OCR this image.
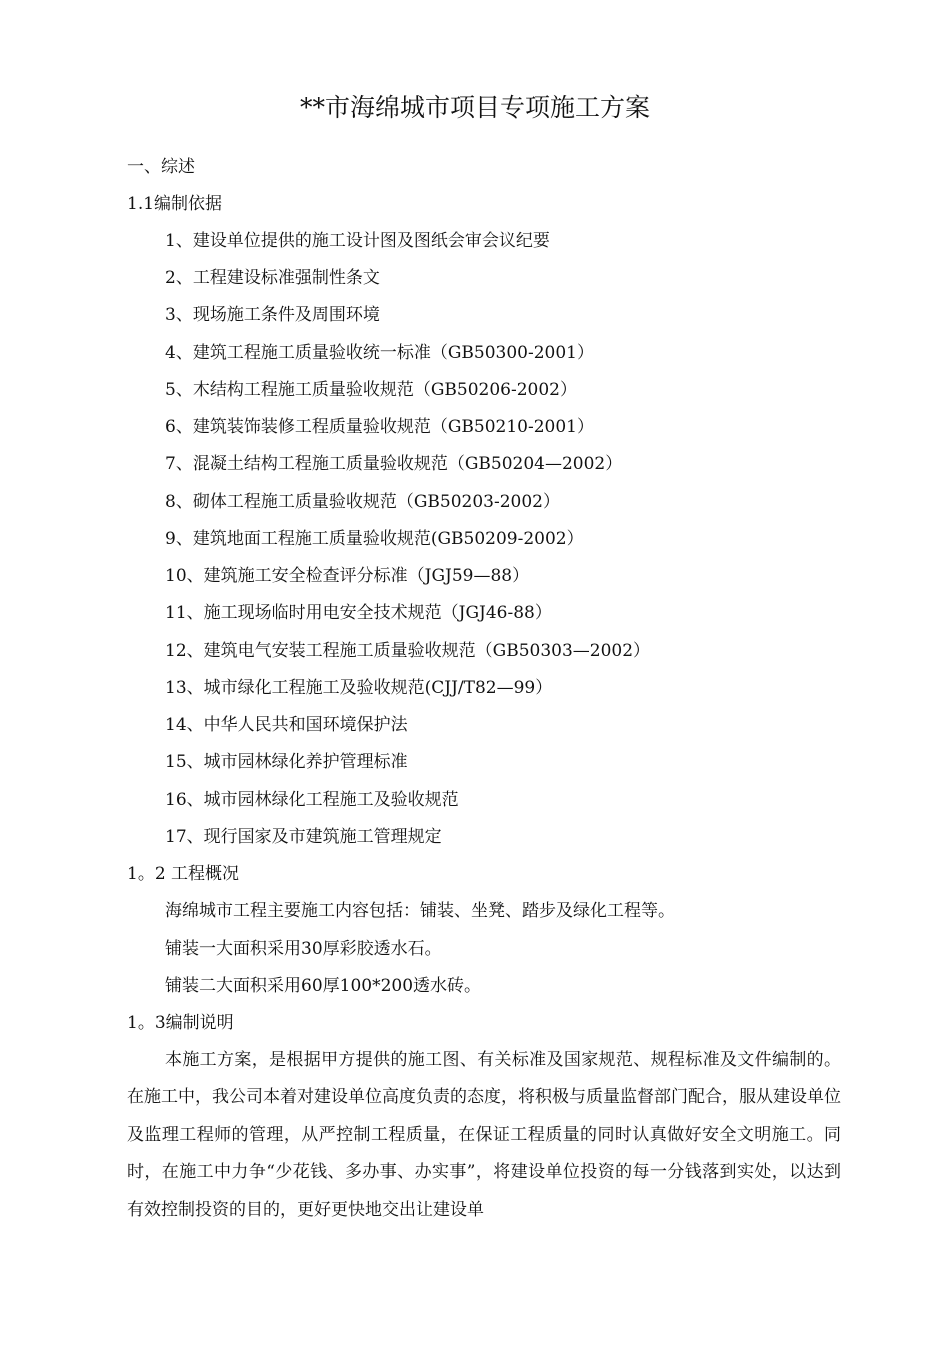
**市海绵城市项目专项施工方案

一、综述

1.1编制依据

1、建设单位提供的施工设计图及图纸会审会议纪要

2、工程建设标准强制性条文

3、现场施工条件及周围环境

4、建筑工程施工质量验收统一标准（GB50300-2001）

5、木结构工程施工质量验收规范（GB50206-2002）

6、建筑装饰装修工程质量验收规范（GB50210-2001）

7、混凝土结构工程施工质量验收规范（GB50204—2002）

8、砌体工程施工质量验收规范（GB50203-2002）

9、建筑地面工程施工质量验收规范(GB50209-2002）

10、建筑施工安全检查评分标准（JGJ59—88）

11、施工现场临时用电安全技术规范（JGJ46-88）

12、建筑电气安装工程施工质量验收规范（GB50303—2002）

13、城市绿化工程施工及验收规范(CJJ/T82—99）

14、中华人民共和国环境保护法

15、城市园林绿化养护管理标准

16、城市园林绿化工程施工及验收规范

17、现行国家及市建筑施工管理规定

1。2 工程概况

海绵城市工程主要施工内容包括：铺装、坐凳、踏步及绿化工程等。

铺装一大面积采用30厚彩胶透水石。

铺装二大面积采用60厚100*200透水砖。

1。3编制说明

本施工方案，是根据甲方提供的施工图、有关标准及国家规范、规程标准及文件编制的。在施工中，我公司本着对建设单位高度负责的态度，将积极与质量监督部门配合，服从建设单位及监理工程师的管理，从严控制工程质量，在保证工程质量的同时认真做好安全文明施工。同时，在施工中力争“少花钱、多办事、办实事”，将建设单位投资的每一分钱落到实处，以达到有效控制投资的目的，更好更快地交出让建设单
